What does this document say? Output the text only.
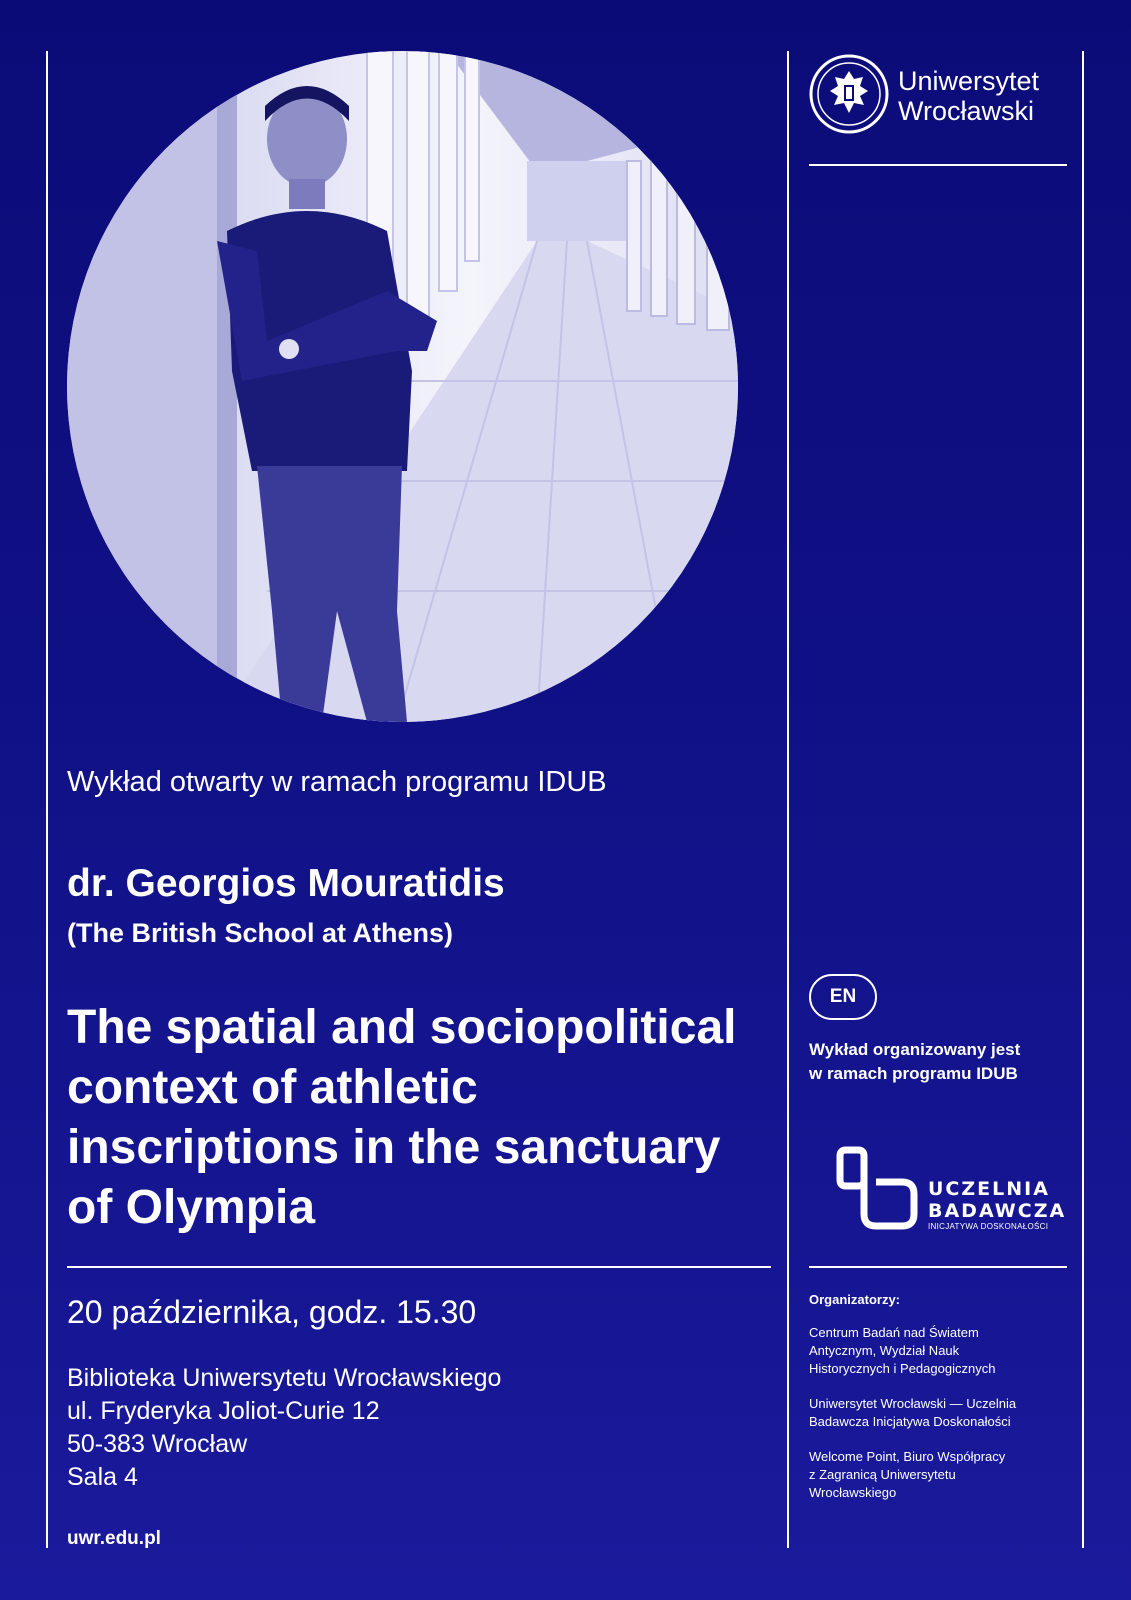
Wykład otwarty w ramach programu IDUB
dr. Georgios Mouratidis
(The British School at Athens)
The spatial and sociopolitical context of athletic inscriptions in the sanctuary of Olympia
20 października, godz. 15.30
Biblioteka Uniwersytetu Wrocławskiego
ul. Fryderyka Joliot-Curie 12
50-383 Wrocław
Sala 4
uwr.edu.pl
Uniwersytet
Wrocławski
EN
Wykład organizowany jest
w ramach programu IDUB
UCZELNIA
BADAWCZA
INICJATYWA DOSKONAŁOŚCI
Organizatorzy:
Centrum Badań nad Światem
Antycznym, Wydział Nauk
Historycznych i Pedagogicznych
Uniwersytet Wrocławski — Uczelnia
Badawcza Inicjatywa Doskonałości
Welcome Point, Biuro Współpracy
z Zagranicą Uniwersytetu
Wrocławskiego
